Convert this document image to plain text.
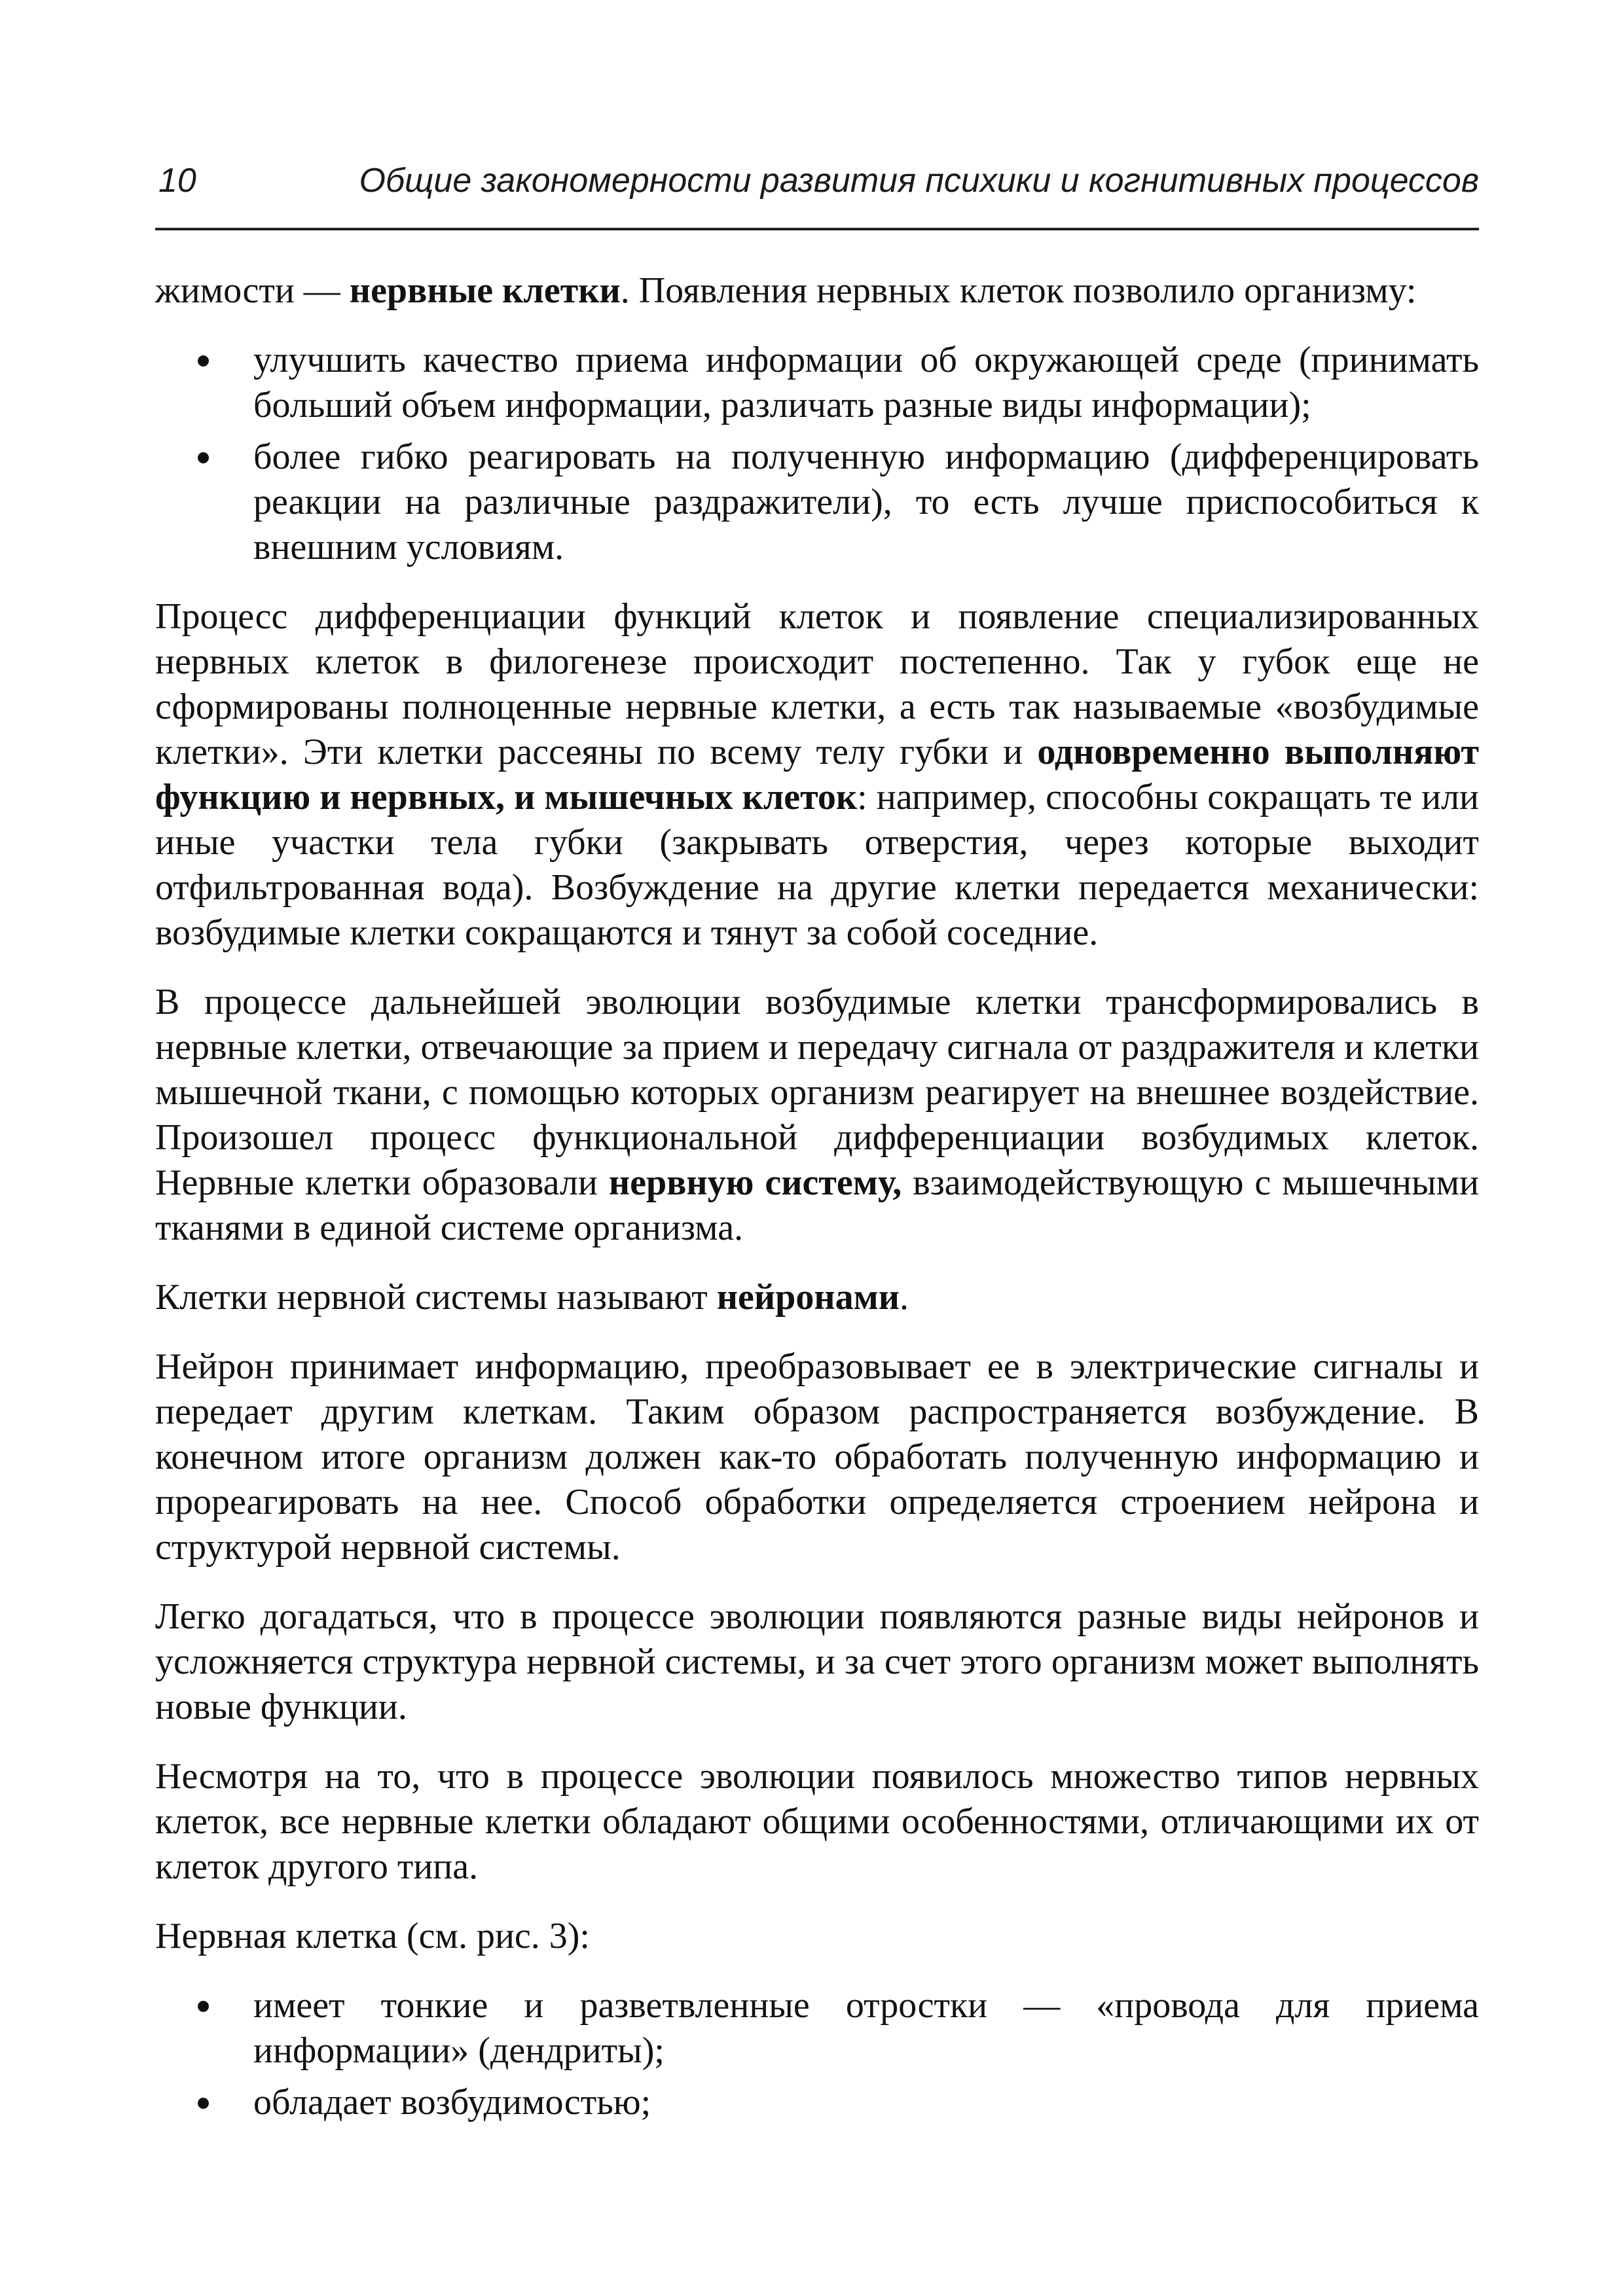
10	Общие закономерности развития психики и когнитивных процессов

жимости — нервные клетки. Появления нервных клеток позволило организму:

улучшить качество приема информации об окружающей среде (принимать больший объем информации, различать разные виды информации);
более гибко реагировать на полученную информацию (дифференцировать реакции на различные раздражители), то есть лучше приспособиться к внешним условиям.

Процесс дифференциации функций клеток и появление специализированных нервных клеток в филогенезе происходит постепенно. Так у губок еще не сформированы полноценные нервные клетки, а есть так называемые «возбудимые клетки». Эти клетки рассеяны по всему телу губки и одновременно выполняют функцию и нервных, и мышечных клеток: например, способны сокращать те или иные участки тела губки (закрывать отверстия, через которые выходит отфильтрованная вода). Возбуждение на другие клетки передается механически: возбудимые клетки сокращаются и тянут за собой соседние.

В процессе дальнейшей эволюции возбудимые клетки трансформировались в нервные клетки, отвечающие за прием и передачу сигнала от раздражителя и клетки мышечной ткани, с помощью которых организм реагирует на внешнее воздействие. Произошел процесс функциональной дифференциации возбудимых клеток. Нервные клетки образовали нервную систему, взаимодействующую с мышечными тканями в единой системе организма.

Клетки нервной системы называют нейронами.

Нейрон принимает информацию, преобразовывает ее в электрические сигналы и передает другим клеткам. Таким образом распространяется возбуждение. В конечном итоге организм должен как-то обработать полученную информацию и прореагировать на нее. Способ обработки определяется строением нейрона и структурой нервной системы.

Легко догадаться, что в процессе эволюции появляются разные виды нейронов и усложняется структура нервной системы, и за счет этого организм может выполнять новые функции.

Несмотря на то, что в процессе эволюции появилось множество типов нервных клеток, все нервные клетки обладают общими особенностями, отличающими их от клеток другого типа.

Нервная клетка (см. рис. 3):

имеет тонкие и разветвленные отростки — «провода для приема информации» (дендриты);
обладает возбудимостью;
